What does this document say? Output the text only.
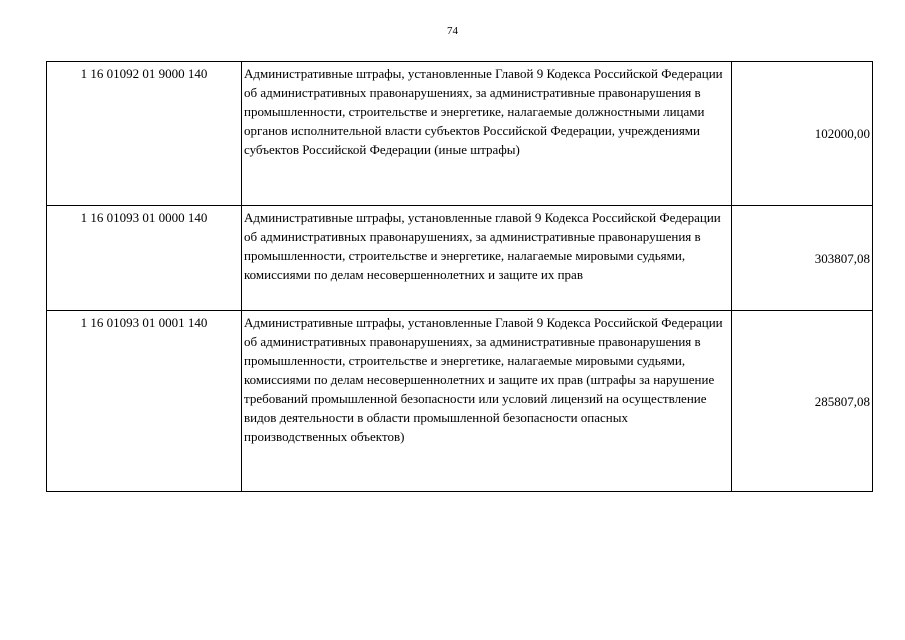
74
1 16 01092 01 9000 140	Административные штрафы, установленные Главой 9 Кодекса Российской Федерации об административных правонарушениях, за административные правонарушения в промышленности, строительстве и энергетике, налагаемые должностными лицами органов исполнительной власти субъектов Российской Федерации, учреждениями субъектов Российской Федерации (иные штрафы)	102000,00
1 16 01093 01 0000 140	Административные штрафы, установленные главой 9 Кодекса Российской Федерации об административных правонарушениях, за административные правонарушения в промышленности, строительстве и энергетике, налагаемые мировыми судьями, комиссиями по делам несовершеннолетних и защите их прав	303807,08
1 16 01093 01 0001 140	Административные штрафы, установленные Главой 9 Кодекса Российской Федерации об административных правонарушениях, за административные правонарушения в промышленности, строительстве и энергетике, налагаемые мировыми судьями, комиссиями по делам несовершеннолетних и защите их прав (штрафы за нарушение требований промышленной безопасности или условий лицензий на осуществление видов деятельности в области промышленной безопасности опасных производственных объектов)	285807,08
